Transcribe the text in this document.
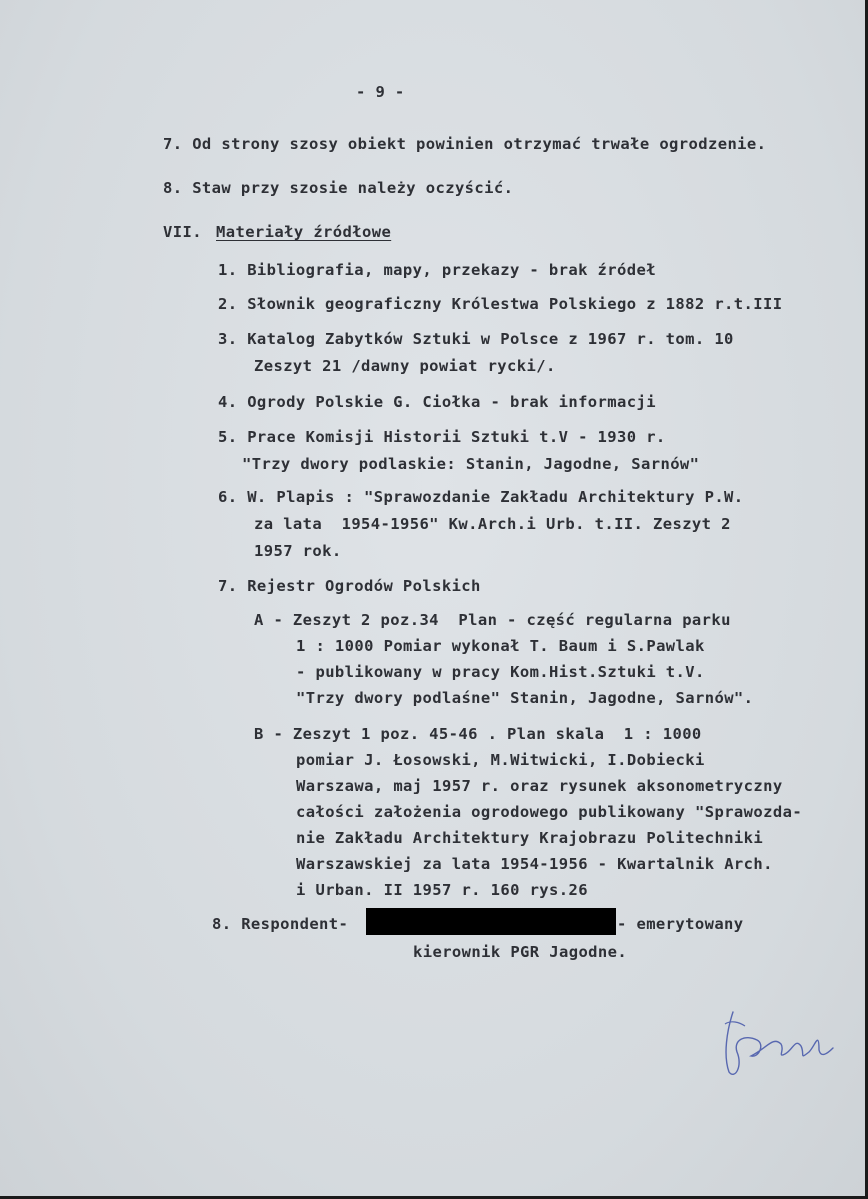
- 9 -
7. Od strony szosy obiekt powinien otrzymać trwałe ogrodzenie.
8. Staw przy szosie należy oczyścić.
VII. Materiały źródłowe
1. Bibliografia, mapy, przekazy - brak źródeł
2. Słownik geograficzny Królestwa Polskiego z 1882 r.t.III
3. Katalog Zabytków Sztuki w Polsce z 1967 r. tom. 10
Zeszyt 21 /dawny powiat rycki/.
4. Ogrody Polskie G. Ciołka - brak informacji
5. Prace Komisji Historii Sztuki t.V - 1930 r.
"Trzy dwory podlaskie: Stanin, Jagodne, Sarnów"
6. W. Plapis : "Sprawozdanie Zakładu Architektury P.W.
za lata  1954-1956" Kw.Arch.i Urb. t.II. Zeszyt 2
1957 rok.
7. Rejestr Ogrodów Polskich
A - Zeszyt 2 poz.34  Plan - część regularna parku
1 : 1000 Pomiar wykonał T. Baum i S.Pawlak
- publikowany w pracy Kom.Hist.Sztuki t.V.
"Trzy dwory podlaśne" Stanin, Jagodne, Sarnów".
B - Zeszyt 1 poz. 45-46 . Plan skala  1 : 1000
pomiar J. Łosowski, M.Witwicki, I.Dobiecki
Warszawa, maj 1957 r. oraz rysunek aksonometryczny
całości założenia ogrodowego publikowany "Sprawozda-
nie Zakładu Architektury Krajobrazu Politechniki
Warszawskiej za lata 1954-1956 - Kwartalnik Arch.
i Urban. II 1957 r. 160 rys.26
8. Respondent-	- emerytowany
kierownik PGR Jagodne.
